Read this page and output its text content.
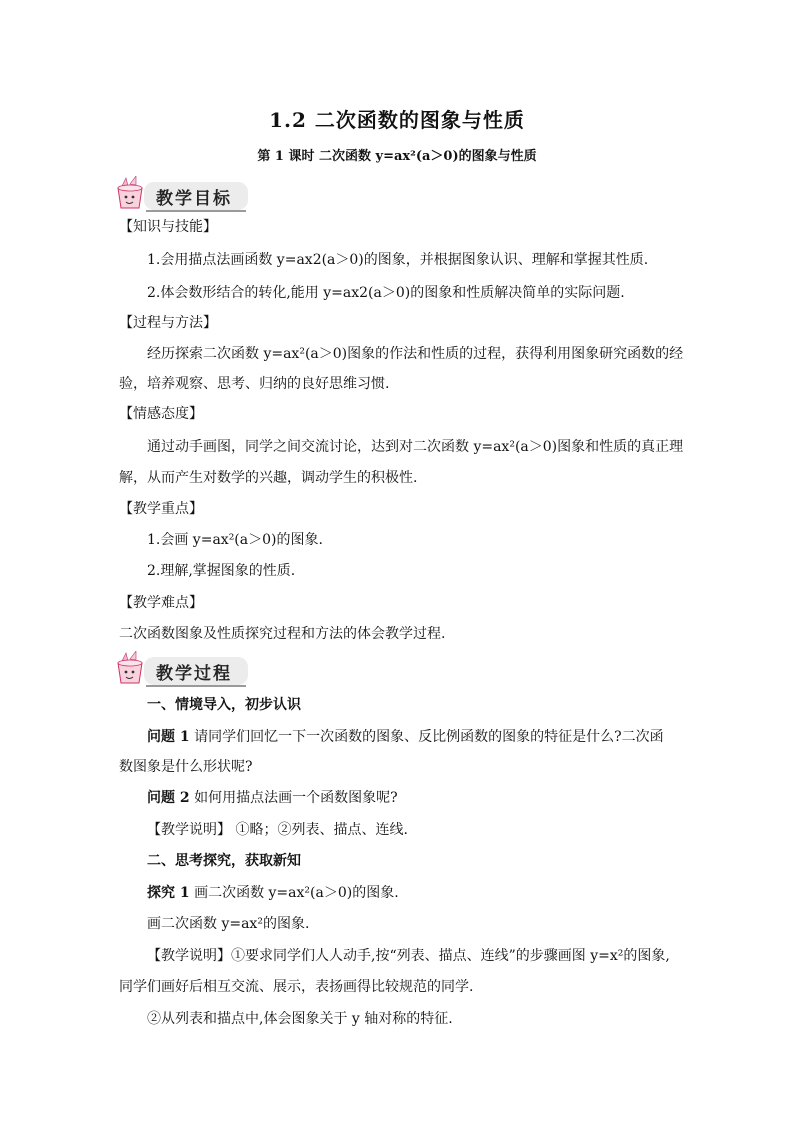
1.2 二次函数的图象与性质
第 1 课时 二次函数 y=ax²(a＞0)的图象与性质
教学目标
【知识与技能】
1.会用描点法画函数 y=ax2(a＞0)的图象，并根据图象认识、理解和掌握其性质.
2.体会数形结合的转化,能用 y=ax2(a＞0)的图象和性质解决简单的实际问题.
【过程与方法】
经历探索二次函数 y=ax²(a＞0)图象的作法和性质的过程，获得利用图象研究函数的经
验，培养观察、思考、归纳的良好思维习惯.
【情感态度】
通过动手画图，同学之间交流讨论，达到对二次函数 y=ax²(a＞0)图象和性质的真正理
解，从而产生对数学的兴趣，调动学生的积极性.
【教学重点】
1.会画 y=ax²(a＞0)的图象.
2.理解,掌握图象的性质.
【教学难点】
二次函数图象及性质探究过程和方法的体会教学过程.
教学过程
一、情境导入，初步认识
问题 1 请同学们回忆一下一次函数的图象、反比例函数的图象的特征是什么?二次函
数图象是什么形状呢?
问题 2 如何用描点法画一个函数图象呢?
【教学说明】 ①略；②列表、描点、连线.
二、思考探究，获取新知
探究 1 画二次函数 y=ax²(a＞0)的图象.
画二次函数 y=ax²的图象.
【教学说明】①要求同学们人人动手,按“列表、描点、连线”的步骤画图 y=x²的图象,
同学们画好后相互交流、展示，表扬画得比较规范的同学.
②从列表和描点中,体会图象关于 y 轴对称的特征.
